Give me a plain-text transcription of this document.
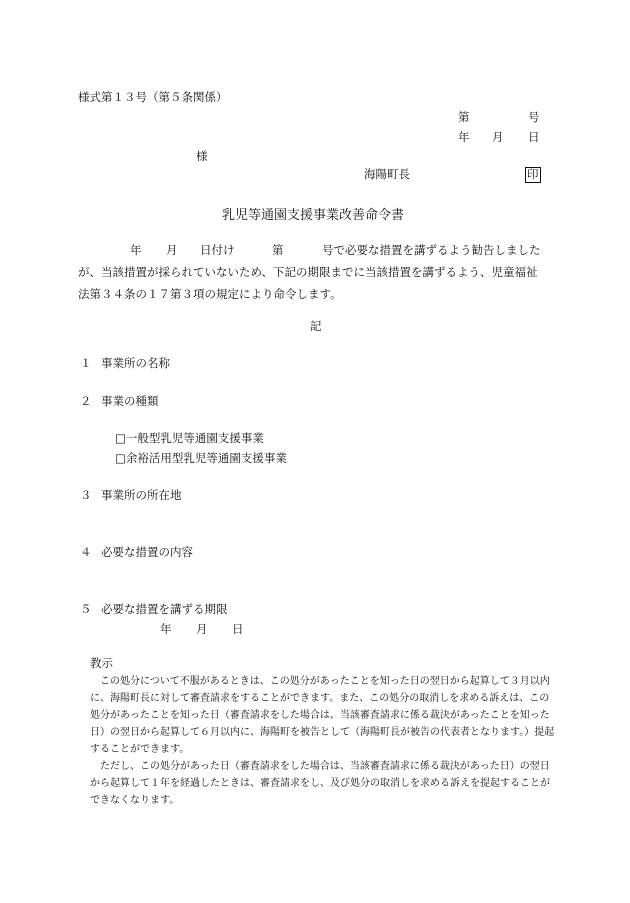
様式第１３号（第５条関係）
第	号
年 月 日
様
海陽町長	印
乳児等通園支援事業改善命令書
年 月 日付け	第	号で必要な措置を講ずるよう勧告しました
が、当該措置が採られていないため、下記の期限までに当該措置を講ずるよう、児童福祉
法第３４条の１７第３項の規定により命令します。
記
１ 事業所の名称
２ 事業の種類
□一般型乳児等通園支援事業
□余裕活用型乳児等通園支援事業
３ 事業所の所在地
４ 必要な措置の内容
５ 必要な措置を講ずる期限
年 月 日
教示
この処分について不服があるときは、この処分があったことを知った日の翌日から起算して３月以内
に、海陽町長に対して審査請求をすることができます。また、この処分の取消しを求める訴えは、この
処分があったことを知った日（審査請求をした場合は、当該審査請求に係る裁決があったことを知った
日）の翌日から起算して６月以内に、海陽町を被告として（海陽町長が被告の代表者となります。）提起
することができます。
ただし、この処分があった日（審査請求をした場合は、当該審査請求に係る裁決があった日）の翌日
から起算して１年を経過したときは、審査請求をし、及び処分の取消しを求める訴えを提起することが
できなくなります。
